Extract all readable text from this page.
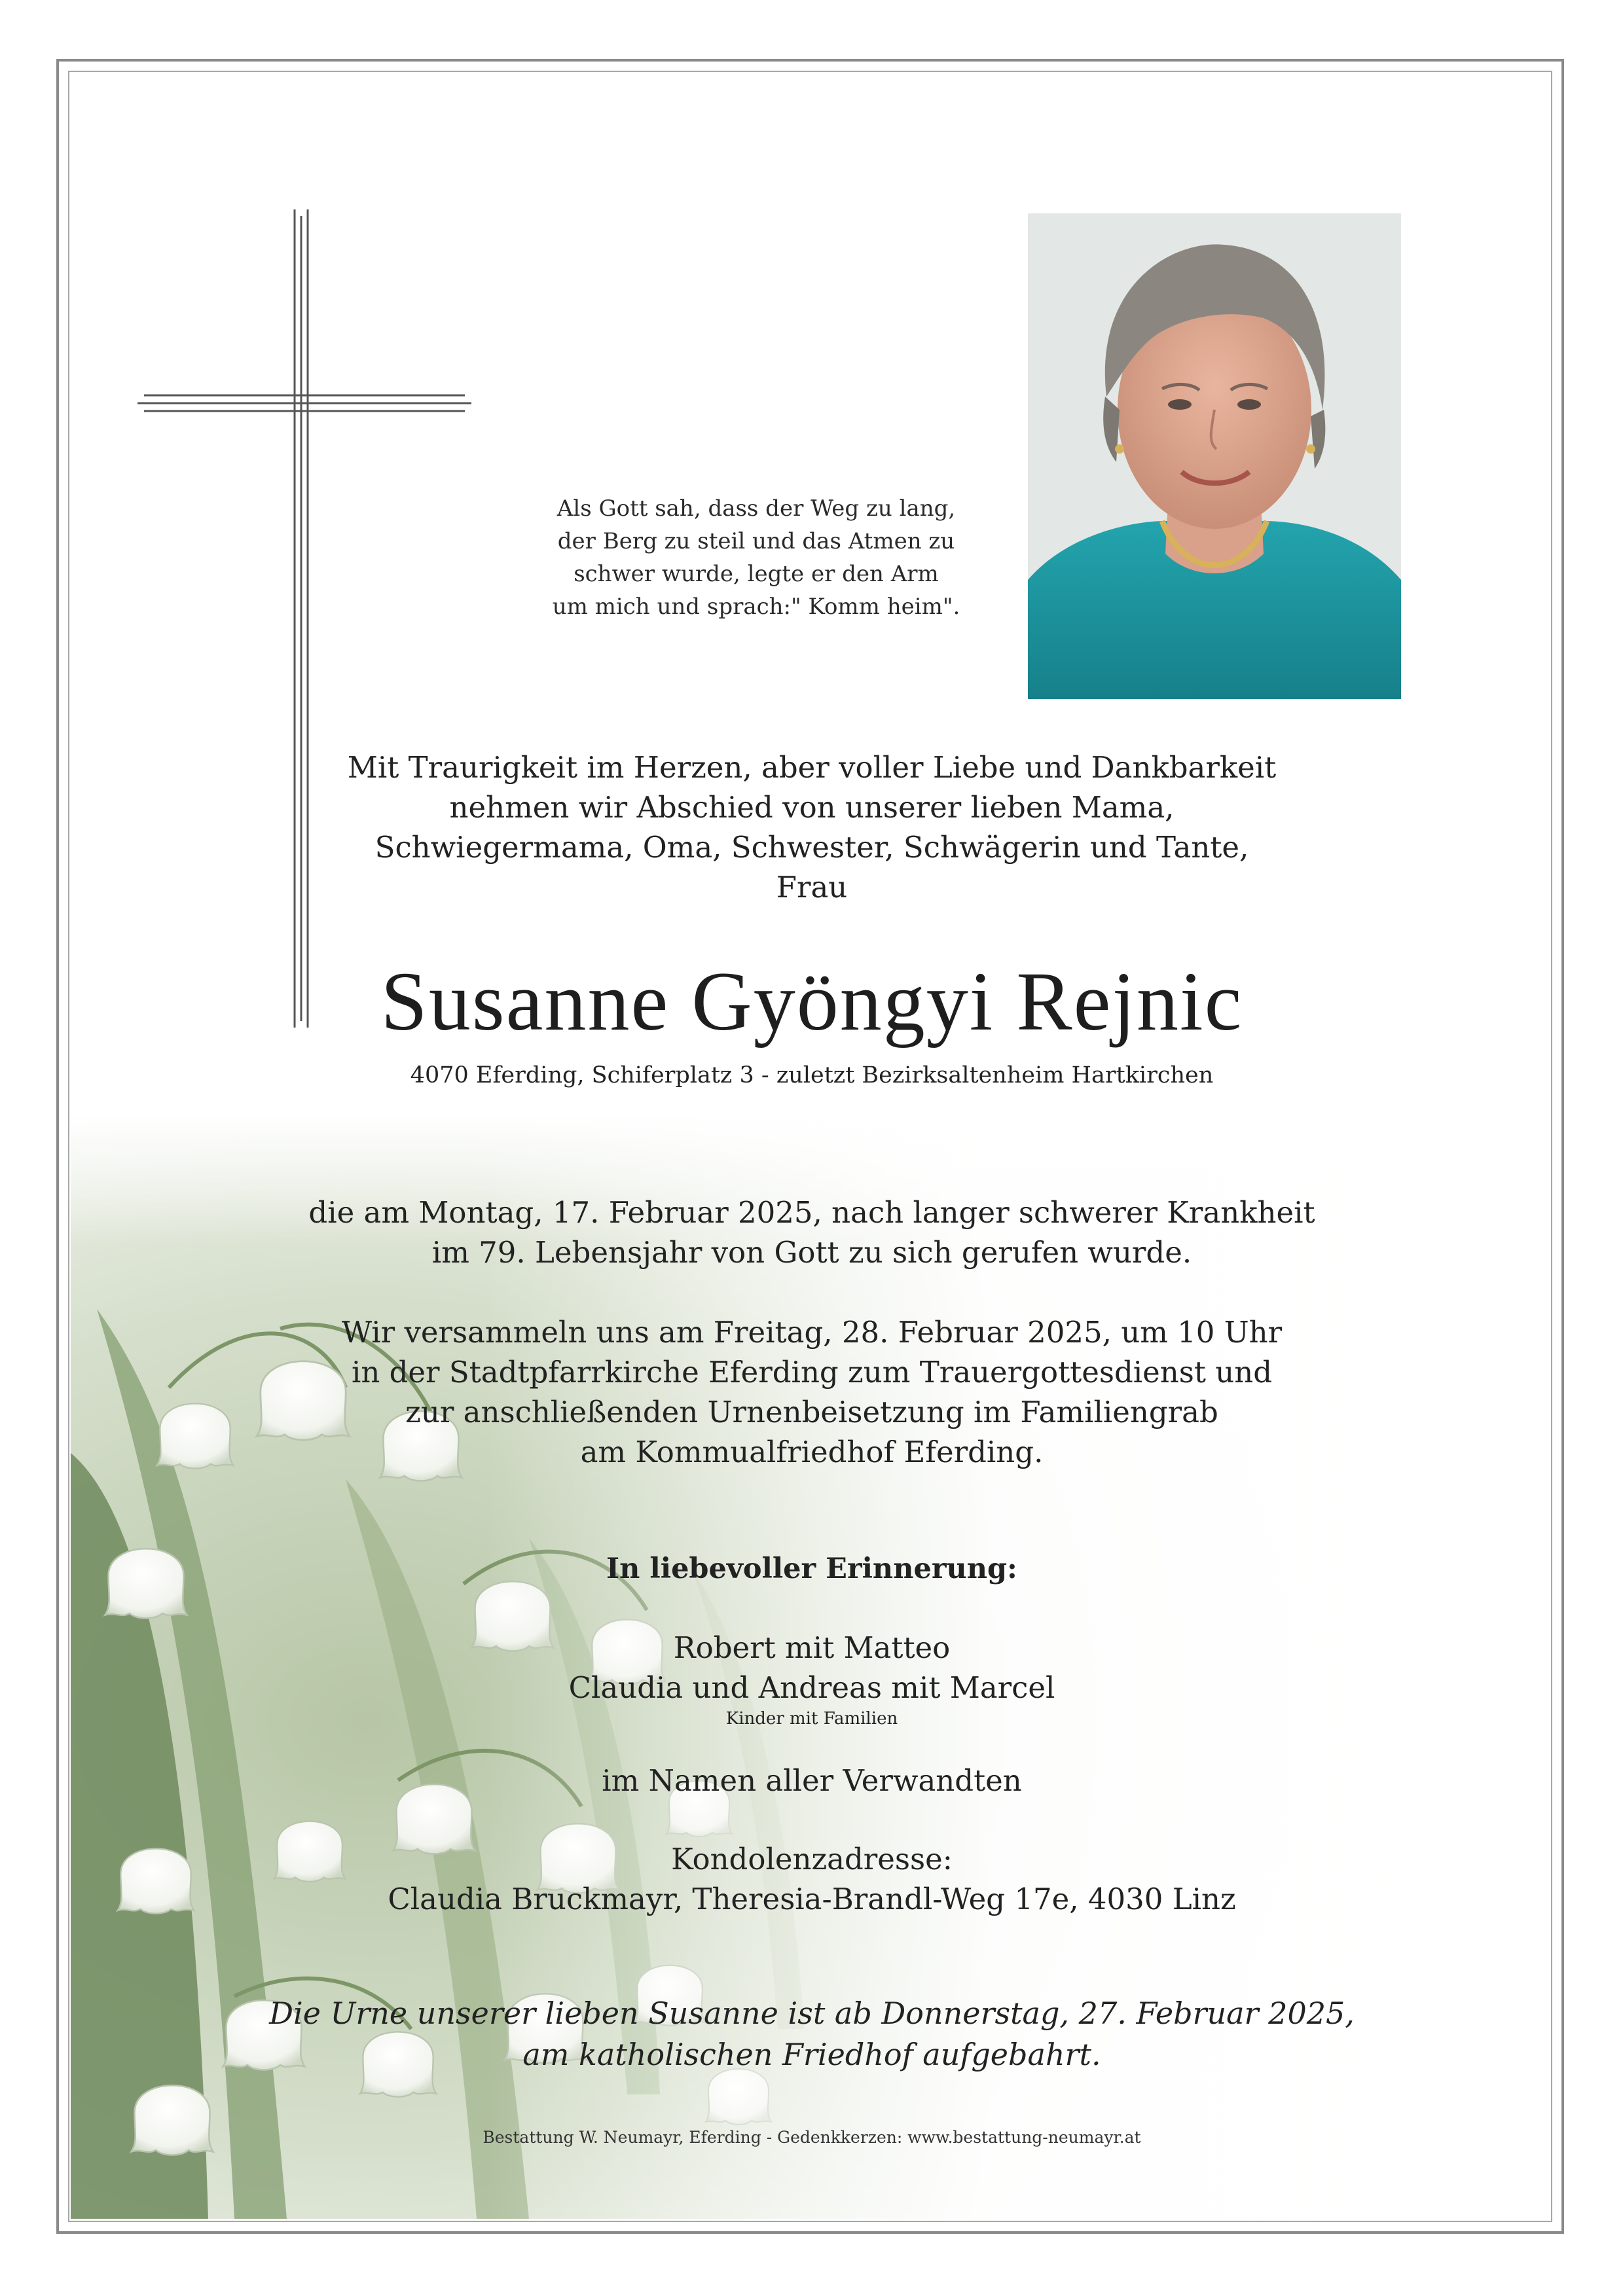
Als Gott sah, dass der Weg zu lang,
der Berg zu steil und das Atmen zu
schwer wurde, legte er den Arm
um mich und sprach:" Komm heim".
Mit Traurigkeit im Herzen, aber voller Liebe und Dankbarkeit
nehmen wir Abschied von unserer lieben Mama,
Schwiegermama, Oma, Schwester, Schwägerin und Tante,
Frau
Susanne Gyöngyi Rejnic
4070 Eferding, Schiferplatz 3 - zuletzt Bezirksaltenheim Hartkirchen
die am Montag, 17. Februar 2025, nach langer schwerer Krankheit
im 79. Lebensjahr von Gott zu sich gerufen wurde.
Wir versammeln uns am Freitag, 28. Februar 2025, um 10 Uhr
in der Stadtpfarrkirche Eferding zum Trauergottesdienst und
zur anschließenden Urnenbeisetzung im Familiengrab
am Kommualfriedhof Eferding.
In liebevoller Erinnerung:
Robert mit Matteo
Claudia und Andreas mit Marcel
Kinder mit Familien
im Namen aller Verwandten
Kondolenzadresse:
Claudia Bruckmayr, Theresia-Brandl-Weg 17e, 4030 Linz
Die Urne unserer lieben Susanne ist ab Donnerstag, 27. Februar 2025,
am katholischen Friedhof aufgebahrt.
Bestattung W. Neumayr, Eferding - Gedenkkerzen: www.bestattung-neumayr.at
